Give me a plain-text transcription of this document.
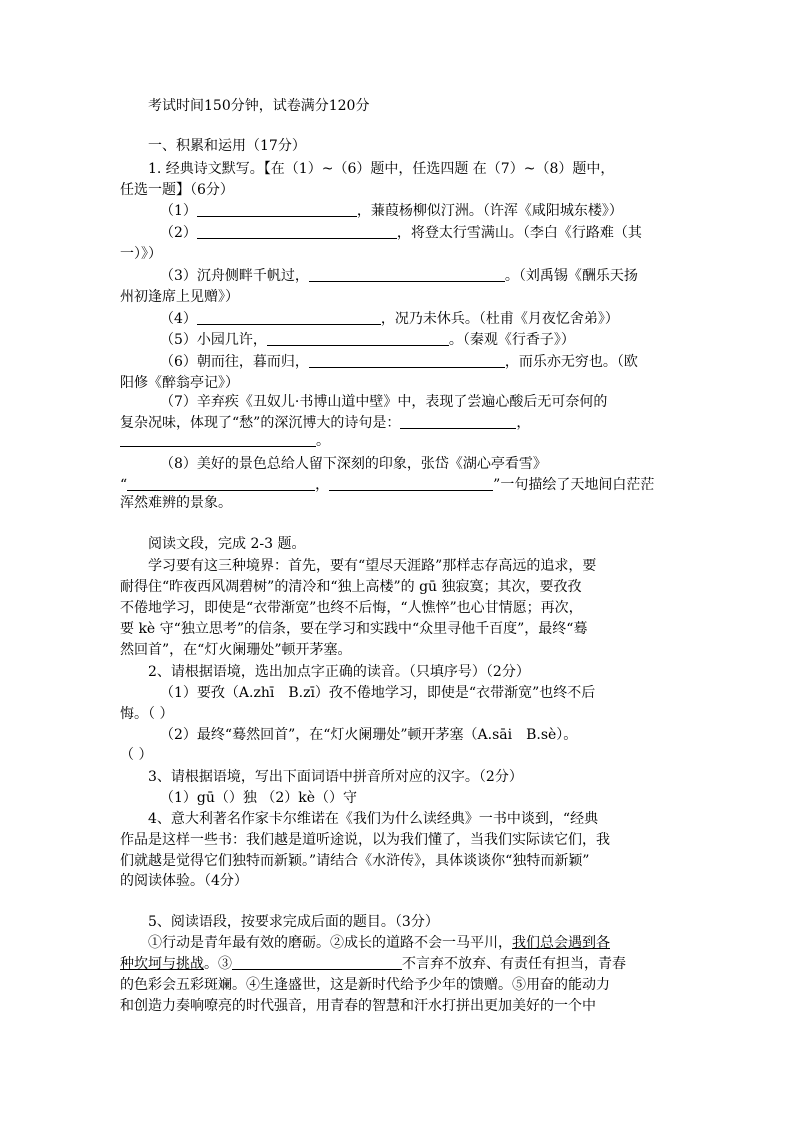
考试时间150分钟，试卷满分120分
一、积累和运用（17分）
1. 经典诗文默写。【在（1）~（6）题中，任选四题 在（7）~（8）题中，
任选一题】（6分）
（1）	，蒹葭杨柳似汀洲。（许浑《咸阳城东楼》）
（2）	，将登太行雪满山。（李白《行路难（其
一）》）
（3）沉舟侧畔千帆过，	。（刘禹锡《酬乐天扬
州初逢席上见赠》）
（4）	，况乃未休兵。（杜甫《月夜忆舍弟》）
（5）小园几许，	。（秦观《行香子》）
（6）朝而往，暮而归，	，而乐亦无穷也。（欧
阳修《醉翁亭记》）
（7）辛弃疾《丑奴儿·书博山道中壁》中，表现了尝遍心酸后无可奈何的
复杂况味，体现了“愁”的深沉博大的诗句是：	，
。
（8）美好的景色总给人留下深刻的印象，张岱《湖心亭看雪》
“	，	”一句描绘了天地间白茫茫
浑然难辨的景象。
阅读文段，完成 2-3 题。
学习要有这三种境界：首先，要有“望尽天涯路”那样志存高远的追求，要
耐得住“昨夜西风凋碧树”的清冷和“独上高楼”的 gū 独寂寞；其次，要孜孜
不倦地学习，即使是“衣带渐宽”也终不后悔，“人憔悴”也心甘情愿；再次，
要 kè 守“独立思考”的信条，要在学习和实践中“众里寻他千百度”，最终“蓦
然回首”，在“灯火阑珊处”顿开茅塞。
2、请根据语境，选出加点字正确的读音。（只填序号）（2分）
（1）要孜（A.zhī　B.zī）孜不倦地学习，即使是“衣带渐宽”也终不后
悔。（ ）
（2）最终“蓦然回首”，在“灯火阑珊处”顿开茅塞（A.sāi　B.sè）。
（ ）
3、请根据语境，写出下面词语中拼音所对应的汉字。（2分）
（1）gū（）独 （2）kè（）守
4、意大利著名作家卡尔维诺在《我们为什么读经典》一书中谈到，“经典
作品是这样一些书：我们越是道听途说，以为我们懂了，当我们实际读它们，我
们就越是觉得它们独特而新颖。”请结合《水浒传》，具体谈谈你“独特而新颖”
的阅读体验。（4分）
5、阅读语段，按要求完成后面的题目。（3分）
①行动是青年最有效的磨砺。②成长的道路不会一马平川，我们总会遇到各
种坎坷与挑战。③	不言弃不放弃、有责任有担当，青春
的色彩会五彩斑斓。④生逢盛世，这是新时代给予少年的馈赠。⑤用奋的能动力
和创造力奏响嘹亮的时代强音，用青春的智慧和汗水打拼出更加美好的一个中
